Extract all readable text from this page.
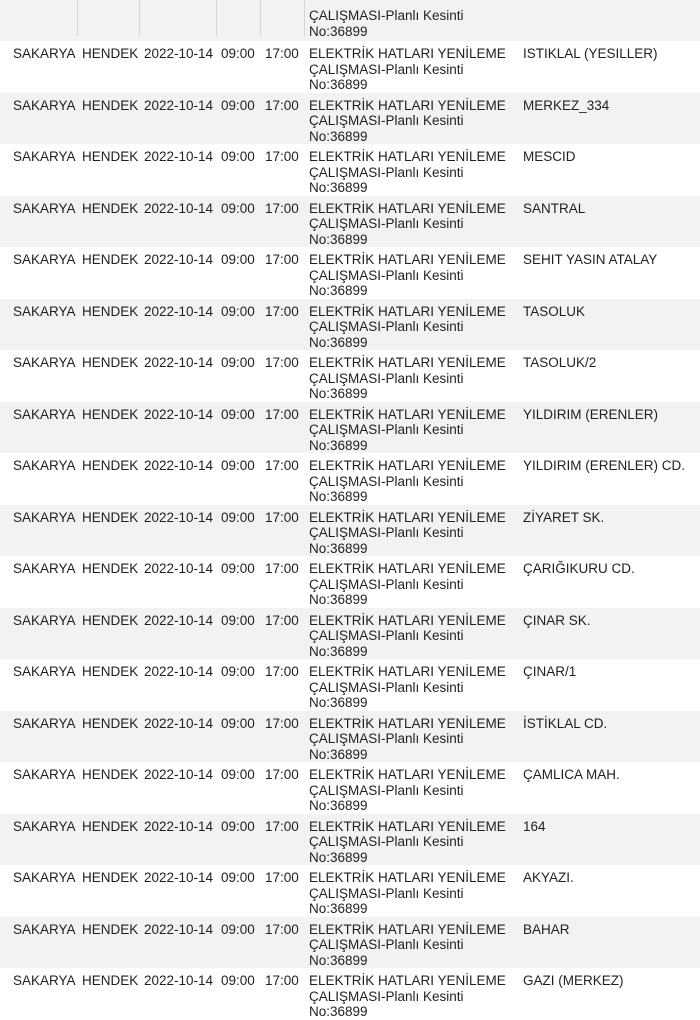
ÇALIŞMASI-Planlı Kesinti
No:36899
SAKARYA HENDEK 2022-10-14 09:00 17:00 ELEKTRİK HATLARI YENİLEME ÇALIŞMASI-Planlı Kesinti No:36899
ISTIKLAL (YESILLER)
SAKARYA HENDEK 2022-10-14 09:00 17:00 ELEKTRİK HATLARI YENİLEME ÇALIŞMASI-Planlı Kesinti No:36899
MERKEZ_334
SAKARYA HENDEK 2022-10-14 09:00 17:00 ELEKTRİK HATLARI YENİLEME ÇALIŞMASI-Planlı Kesinti No:36899
MESCID
SAKARYA HENDEK 2022-10-14 09:00 17:00 ELEKTRİK HATLARI YENİLEME ÇALIŞMASI-Planlı Kesinti No:36899
SANTRAL
SAKARYA HENDEK 2022-10-14 09:00 17:00 ELEKTRİK HATLARI YENİLEME ÇALIŞMASI-Planlı Kesinti No:36899
SEHIT YASIN ATALAY
SAKARYA HENDEK 2022-10-14 09:00 17:00 ELEKTRİK HATLARI YENİLEME ÇALIŞMASI-Planlı Kesinti No:36899
TASOLUK
SAKARYA HENDEK 2022-10-14 09:00 17:00 ELEKTRİK HATLARI YENİLEME ÇALIŞMASI-Planlı Kesinti No:36899
TASOLUK/2
SAKARYA HENDEK 2022-10-14 09:00 17:00 ELEKTRİK HATLARI YENİLEME ÇALIŞMASI-Planlı Kesinti No:36899
YILDIRIM (ERENLER)
SAKARYA HENDEK 2022-10-14 09:00 17:00 ELEKTRİK HATLARI YENİLEME ÇALIŞMASI-Planlı Kesinti No:36899
YILDIRIM (ERENLER) CD.
SAKARYA HENDEK 2022-10-14 09:00 17:00 ELEKTRİK HATLARI YENİLEME ÇALIŞMASI-Planlı Kesinti No:36899
ZİYARET SK.
SAKARYA HENDEK 2022-10-14 09:00 17:00 ELEKTRİK HATLARI YENİLEME ÇALIŞMASI-Planlı Kesinti No:36899
ÇARIĞIKURU CD.
SAKARYA HENDEK 2022-10-14 09:00 17:00 ELEKTRİK HATLARI YENİLEME ÇALIŞMASI-Planlı Kesinti No:36899
ÇINAR SK.
SAKARYA HENDEK 2022-10-14 09:00 17:00 ELEKTRİK HATLARI YENİLEME ÇALIŞMASI-Planlı Kesinti No:36899
ÇINAR/1
SAKARYA HENDEK 2022-10-14 09:00 17:00 ELEKTRİK HATLARI YENİLEME ÇALIŞMASI-Planlı Kesinti No:36899
İSTİKLAL CD.
SAKARYA HENDEK 2022-10-14 09:00 17:00 ELEKTRİK HATLARI YENİLEME ÇALIŞMASI-Planlı Kesinti No:36899
ÇAMLICA MAH.
SAKARYA HENDEK 2022-10-14 09:00 17:00 ELEKTRİK HATLARI YENİLEME ÇALIŞMASI-Planlı Kesinti No:36899
164
SAKARYA HENDEK 2022-10-14 09:00 17:00 ELEKTRİK HATLARI YENİLEME ÇALIŞMASI-Planlı Kesinti No:36899
AKYAZI.
SAKARYA HENDEK 2022-10-14 09:00 17:00 ELEKTRİK HATLARI YENİLEME ÇALIŞMASI-Planlı Kesinti No:36899
BAHAR
SAKARYA HENDEK 2022-10-14 09:00 17:00 ELEKTRİK HATLARI YENİLEME ÇALIŞMASI-Planlı Kesinti No:36899
GAZI (MERKEZ)
